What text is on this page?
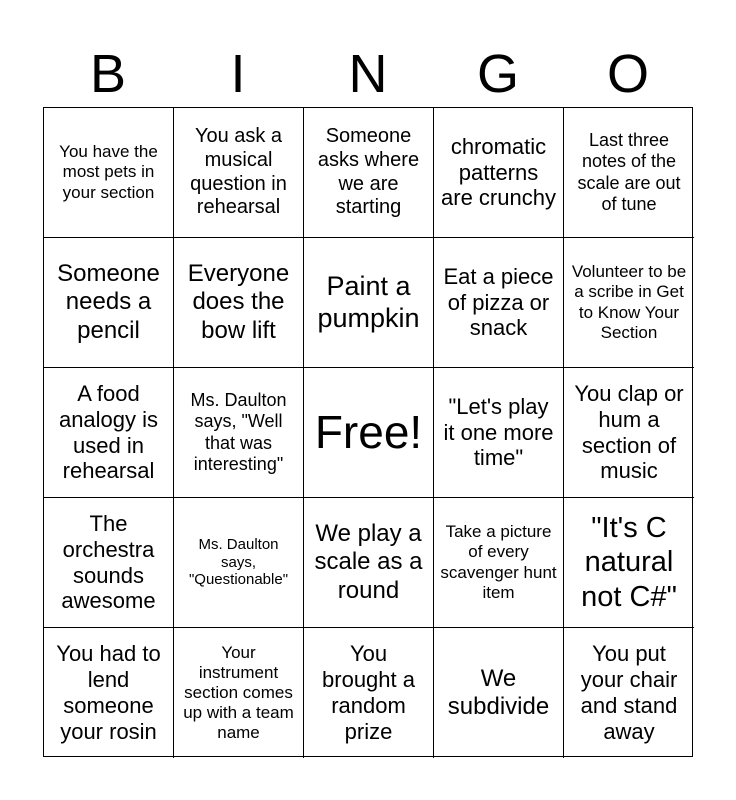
B	I	N	G	O
You have the most pets in your section
You ask a musical question in rehearsal
Someone asks where we are starting
chromatic patterns are crunchy
Last three notes of the scale are out of tune
Someone needs a pencil
Everyone does the bow lift
Paint a pumpkin
Eat a piece of pizza or snack
Volunteer to be a scribe in Get to Know Your Section
A food analogy is used in rehearsal
Ms. Daulton says, "Well that was interesting"
Free!
"Let's play it one more time"
You clap or hum a section of music
The orchestra sounds awesome
Ms. Daulton says, "Questionable"
We play a scale as a round
Take a picture of every scavenger hunt item
"It's C natural not C#"
You had to lend someone your rosin
Your instrument section comes up with a team name
You brought a random prize
We subdivide
You put your chair and stand away
